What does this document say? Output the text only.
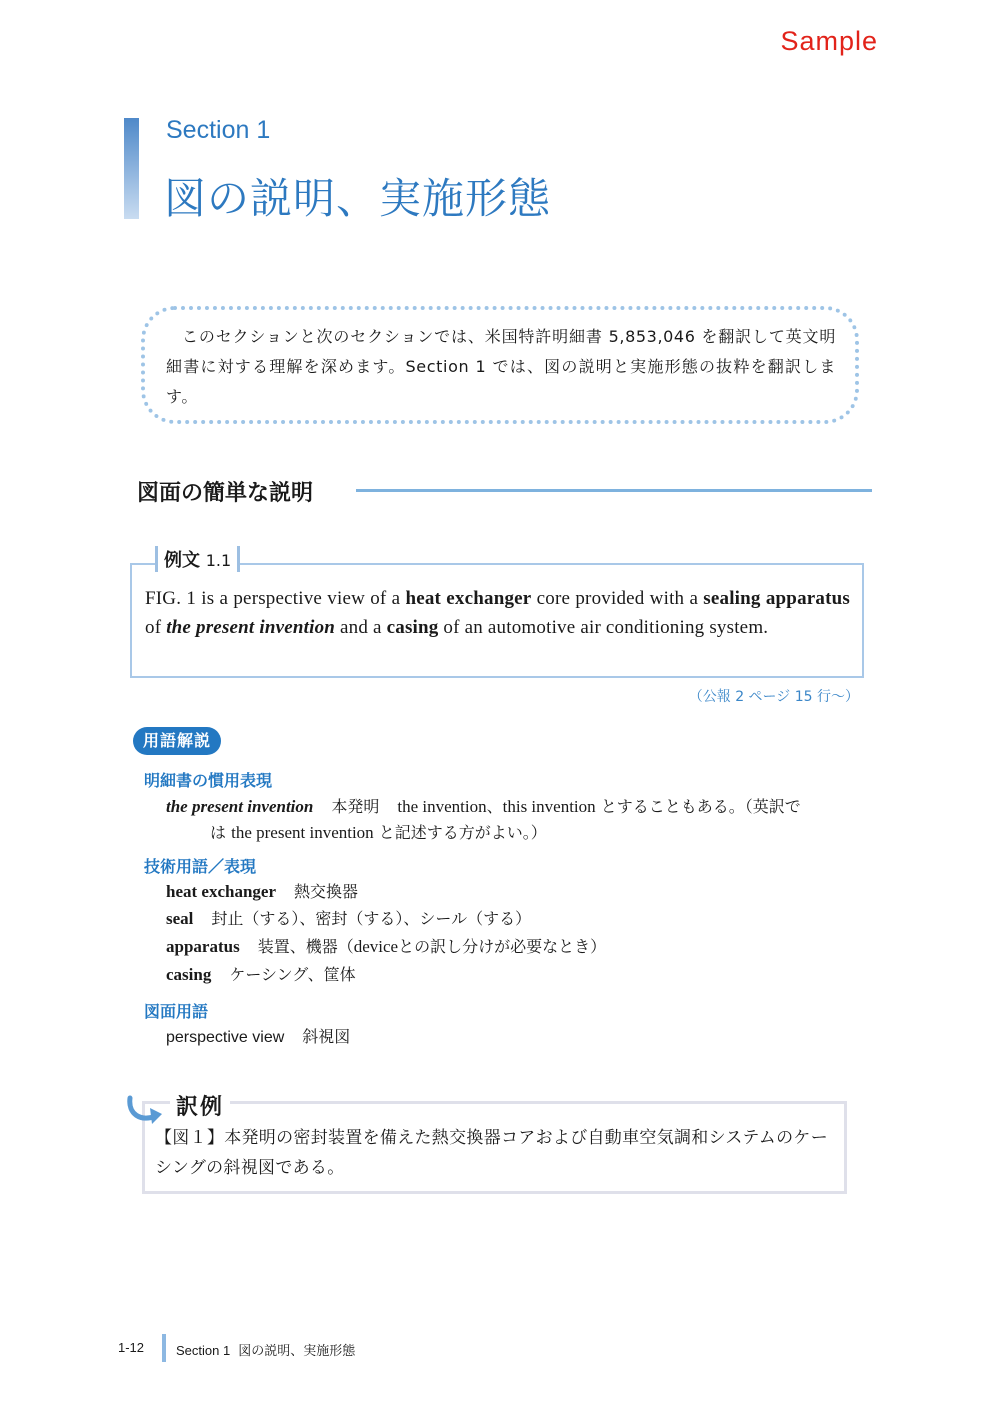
Sample
Section 1
図の説明、実施形態

このセクションと次のセクションでは、米国特許明細書 5,853,046 を翻訳して英文明細書に対する理解を深めます。Section 1 では、図の説明と実施形態の抜粋を翻訳します。

図面の簡単な説明
例文 1.1
FIG. 1 is a perspective view of a heat exchanger core provided with a sealing apparatus of the present invention and a casing of an automotive air conditioning system.
（公報 2 ページ 15 行〜）
用語解説
明細書の慣用表現
the present invention 本発明 the invention、this invention とすることもある。（英訳で
は the present invention と記述する方がよい。）
技術用語／表現
heat exchanger 熱交換器
seal 封止（する）、密封（する）、シール（する）
apparatus 装置、機器（deviceとの訳し分けが必要なとき）
casing ケーシング、筐体
図面用語
perspective view 斜視図
訳例
【図１】本発明の密封装置を備えた熱交換器コアおよび自動車空気調和システムのケーシングの斜視図である。
1-12 Section 1 図の説明、実施形態
